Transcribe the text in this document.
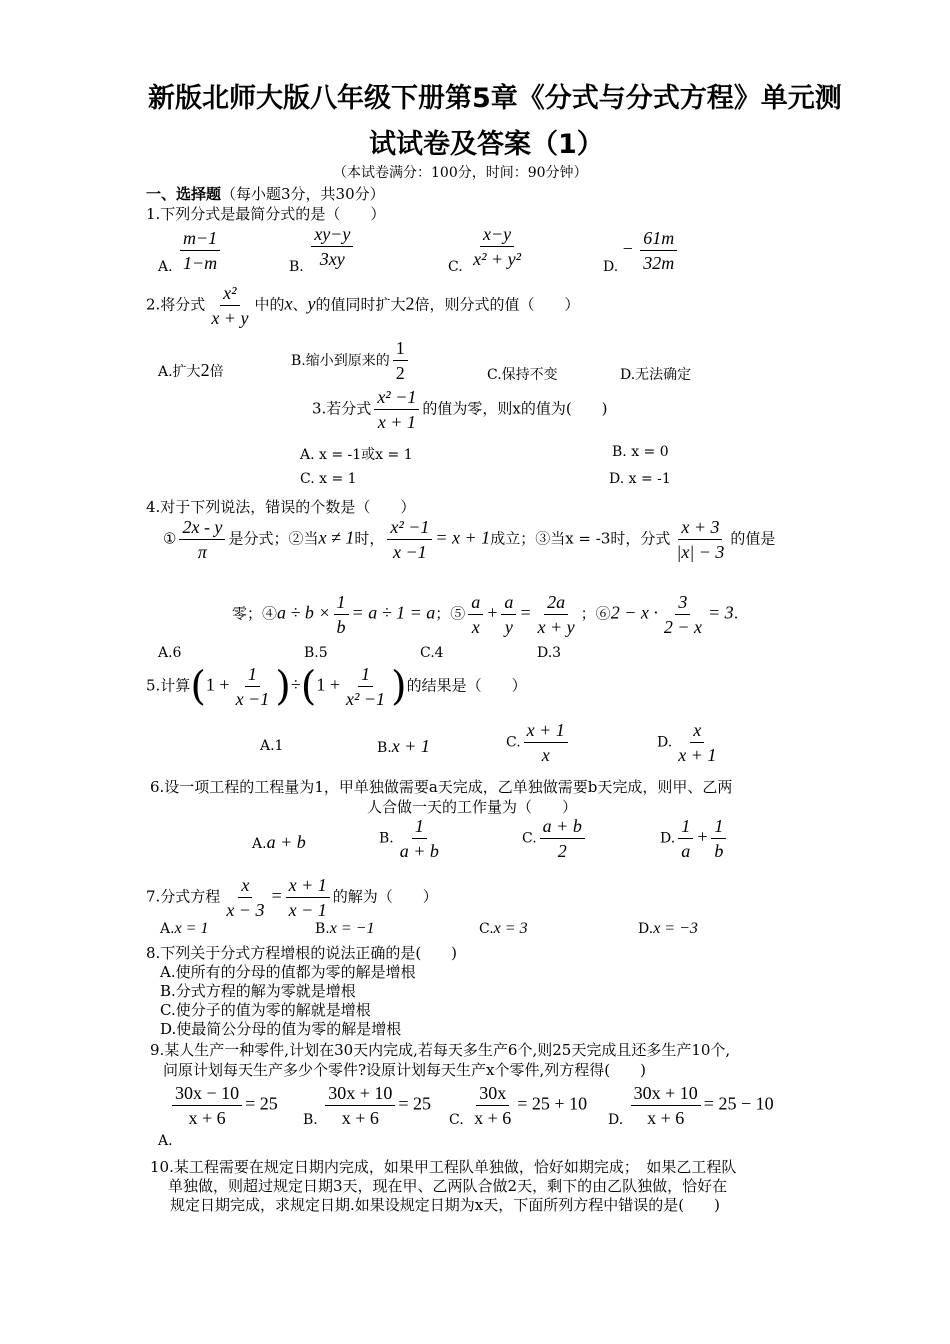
新版北师大版八年级下册第5章《分式与分式方程》单元测
试试卷及答案（1）
（本试卷满分：100分，时间：90分钟）
一、选择题（每小题3分，共30分）
1.下列分式是最简分式的是（　　）
A. $\frac{m-1}{1-m}$	B. $\frac{xy-y}{3xy}$	C. $\frac{x-y}{\text{x² + y²}}$	D. − $\frac{61m}{32m}$
2.将分式 $\frac{\text{x²}}{x + y}$ 中的x、y的值同时扩大2倍，则分式的值（　　）
A.扩大2倍
B.缩小到原来的 $\frac{1}{2}$	C.保持不变	D.无法确定
3.若分式 $\frac{\text{x² −1}}{x + 1}$ 的值为零，则x的值为(　　)
A. x = -1或x = 1	B. x = 0
C. x = 1	D. x = -1
4.对于下列说法，错误的个数是（　　）
① $\frac{2x - y}{\pi}$ 是分式；②当x ≠ 1时， $\frac{\text{x² −1}}{x -1} = x + 1$成立；③当x = -3时，分式 $\frac{x + 3}{|x| - 3}$ 的值是
零；④a ÷ $b \times \frac{1}{b} = a \div 1 = a$；⑤ $\frac{a}{x} + \frac{a}{y} = \frac{2a}{x + y}$ ；⑥2 − $x \cdot \frac{3}{2 - x} = 3$.
A.6	B.5	C.4	D.3
5.计算$(1 + \frac{1}{x -1} )\div(1 + \frac{1}{\text{x² −1}}$ )的结果是（　　）
A.1	B.x + 1	C. $\frac{x + 1}{x}$	D. $\frac{x}{x + 1}$
6.设一项工程的工程量为1，甲单独做需要a天完成，乙单独做需要b天完成，则甲、乙两
人合做一天的工作量为（　　）
A.a + b	B. $\frac{1}{a + b}$	C. $\frac{a + b}{2}$	D. $\frac{1}{a} + \frac{1}{b}$
7.分式方程 $\frac{x}{x - 3} = \frac{x + 1}{x - 1}$ 的解为（　　）
A.x = 1	B.x = −1	C.x = 3	D.x = −3
8.下列关于分式方程增根的说法正确的是(　　)
A.使所有的分母的值都为零的解是增根
B.分式方程的解为零就是增根
C.使分子的值为零的解就是增根
D.使最简公分母的值为零的解是增根
9.某人生产一种零件,计划在30天内完成,若每天多生产6个,则25天完成且还多生产10个,
问原计划每天生产多少个零件?设原计划每天生产x个零件,列方程得(　　)
A.
$\frac{30x - 10}{x + 6} = 25$
B. $\frac{30x + 10}{x + 6} = 25$
C. $\frac{30x}{x + 6} = 25 + 10$
D. $\frac{30x + 10}{x + 6} = 25 - 10$
10.某工程需要在规定日期内完成，如果甲工程队单独做，恰好如期完成；　如果乙工程队
单独做，则超过规定日期3天，现在甲、乙两队合做2天，剩下的由乙队独做，恰好在
规定日期完成，求规定日期.如果设规定日期为x天，下面所列方程中错误的是(　　)
